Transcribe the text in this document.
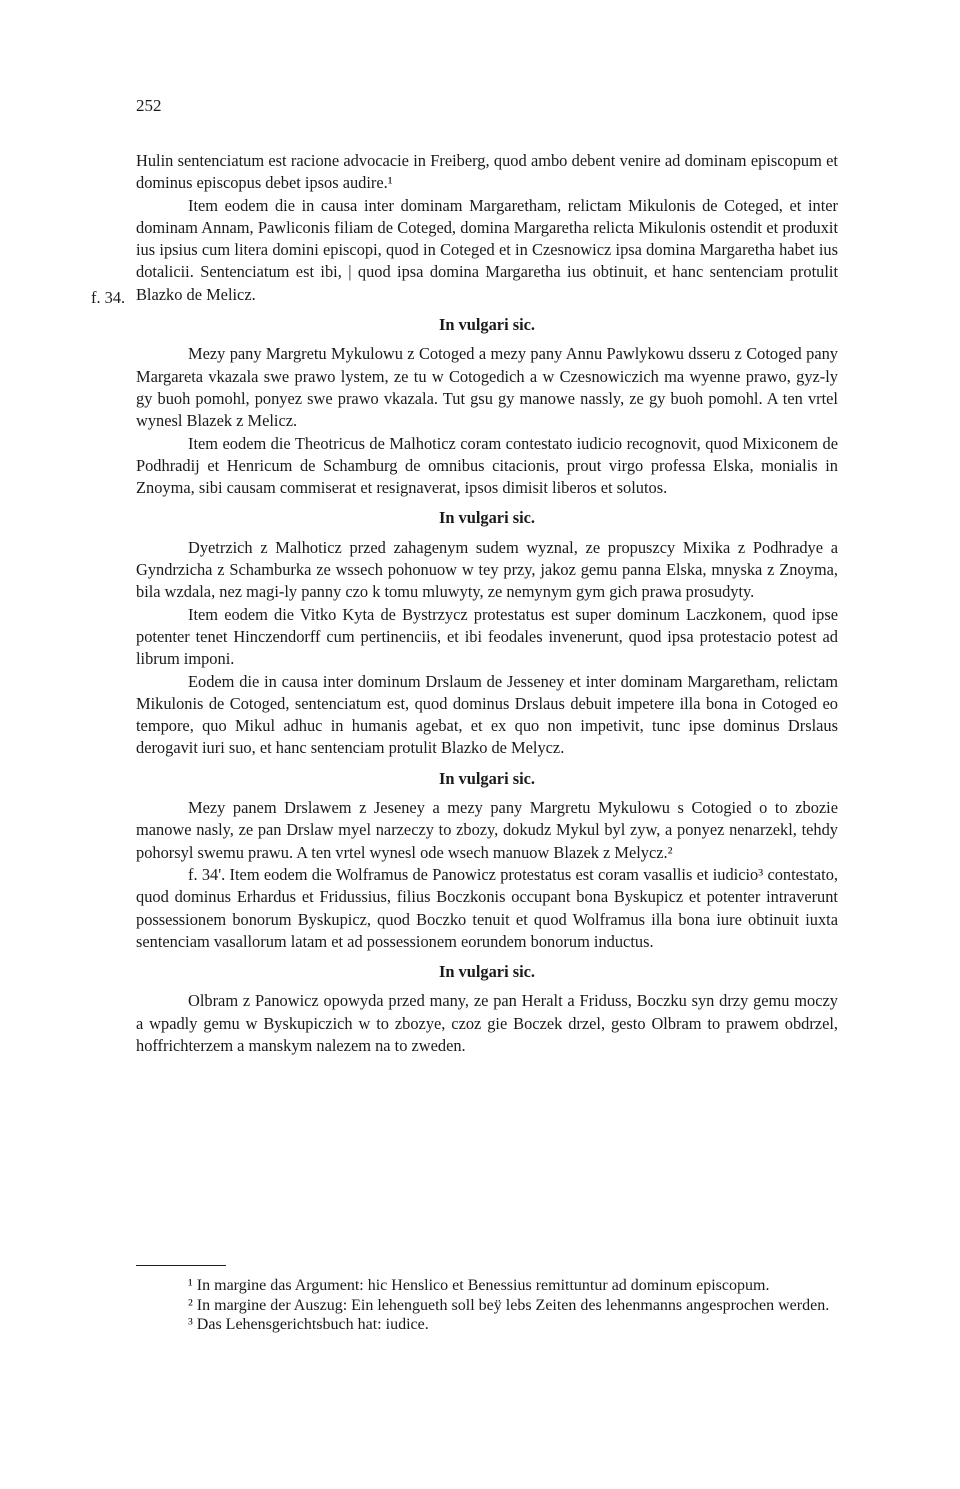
252
f. 34.

Hulin sentenciatum est racione advocacie in Freiberg, quod ambo debent venire ad dominam episcopum et dominus episcopus debet ipsos audire.¹

Item eodem die in causa inter dominam Margaretham, relictam Mikulonis de Coteged, et inter dominam Annam, Pawliconis filiam de Coteged, domina Margaretha relicta Mikulonis ostendit et produxit ius ipsius cum litera domini episcopi, quod in Coteged et in Czesnowicz ipsa domina Margaretha habet ius dotalicii. Sentenciatum est ibi, | quod ipsa domina Margaretha ius obtinuit, et hanc sentenciam protulit Blazko de Melicz.

In vulgari sic.

Mezy pany Margretu Mykulowu z Cotoged a mezy pany Annu Pawlykowu dsseru z Cotoged pany Margareta vkazala swe prawo lystem, ze tu w Cotogedich a w Czesnowiczich ma wyenne prawo, gyz-ly gy buoh pomohl, ponyez swe prawo vkazala. Tut gsu gy manowe nassly, ze gy buoh pomohl. A ten vrtel wynesl Blazek z Melicz.

Item eodem die Theotricus de Malhoticz coram contestato iudicio recognovit, quod Mixiconem de Podhradij et Henricum de Schamburg de omnibus citacionis, prout virgo professa Elska, monialis in Znoyma, sibi causam commiserat et resignaverat, ipsos dimisit liberos et solutos.

In vulgari sic.

Dyetrzich z Malhoticz przed zahagenym sudem wyznal, ze propuszcy Mixika z Podhradye a Gyndrzicha z Schamburka ze wssech pohonuow w tey przy, jakoz gemu panna Elska, mnyska z Znoyma, bila wzdala, nez magi-ly panny czo k tomu mluwyty, ze nemynym gym gich prawa prosudyty.

Item eodem die Vitko Kyta de Bystrzycz protestatus est super dominum Laczkonem, quod ipse potenter tenet Hinczendorff cum pertinenciis, et ibi feodales invenerunt, quod ipsa protestacio potest ad librum imponi.

Eodem die in causa inter dominum Drslaum de Jesseney et inter dominam Margaretham, relictam Mikulonis de Cotoged, sentenciatum est, quod dominus Drslaus debuit impetere illa bona in Cotoged eo tempore, quo Mikul adhuc in humanis agebat, et ex quo non impetivit, tunc ipse dominus Drslaus derogavit iuri suo, et hanc sentenciam protulit Blazko de Melycz.

In vulgari sic.

Mezy panem Drslawem z Jeseney a mezy pany Margretu Mykulowu s Cotogied o to zbozie manowe nasly, ze pan Drslaw myel narzeczy to zbozy, dokudz Mykul byl zyw, a ponyez nenarzekl, tehdy pohorsyl swemu prawu. A ten vrtel wynesl ode wsech manuow Blazek z Melycz.²

f. 34'. Item eodem die Wolframus de Panowicz protestatus est coram vasallis et iudicio³ contestato, quod dominus Erhardus et Fridussius, filius Boczkonis occupant bona Byskupicz et potenter intraverunt possessionem bonorum Byskupicz, quod Boczko tenuit et quod Wolframus illa bona iure obtinuit iuxta sentenciam vasallorum latam et ad possessionem eorundem bonorum inductus.

In vulgari sic.

Olbram z Panowicz opowyda przed many, ze pan Heralt a Friduss, Boczku syn drzy gemu moczy a wpadly gemu w Byskupiczich w to zbozye, czoz gie Boczek drzel, gesto Olbram to prawem obdrzel, hoffrichterzem a manskym nalezem na to zweden.

¹ In margine das Argument: hic Henslico et Benessius remittuntur ad dominum episcopum.

² In margine der Auszug: Ein lehengueth soll beÿ lebs Zeiten des lehenmanns angesprochen werden.

³ Das Lehensgerichtsbuch hat: iudice.
